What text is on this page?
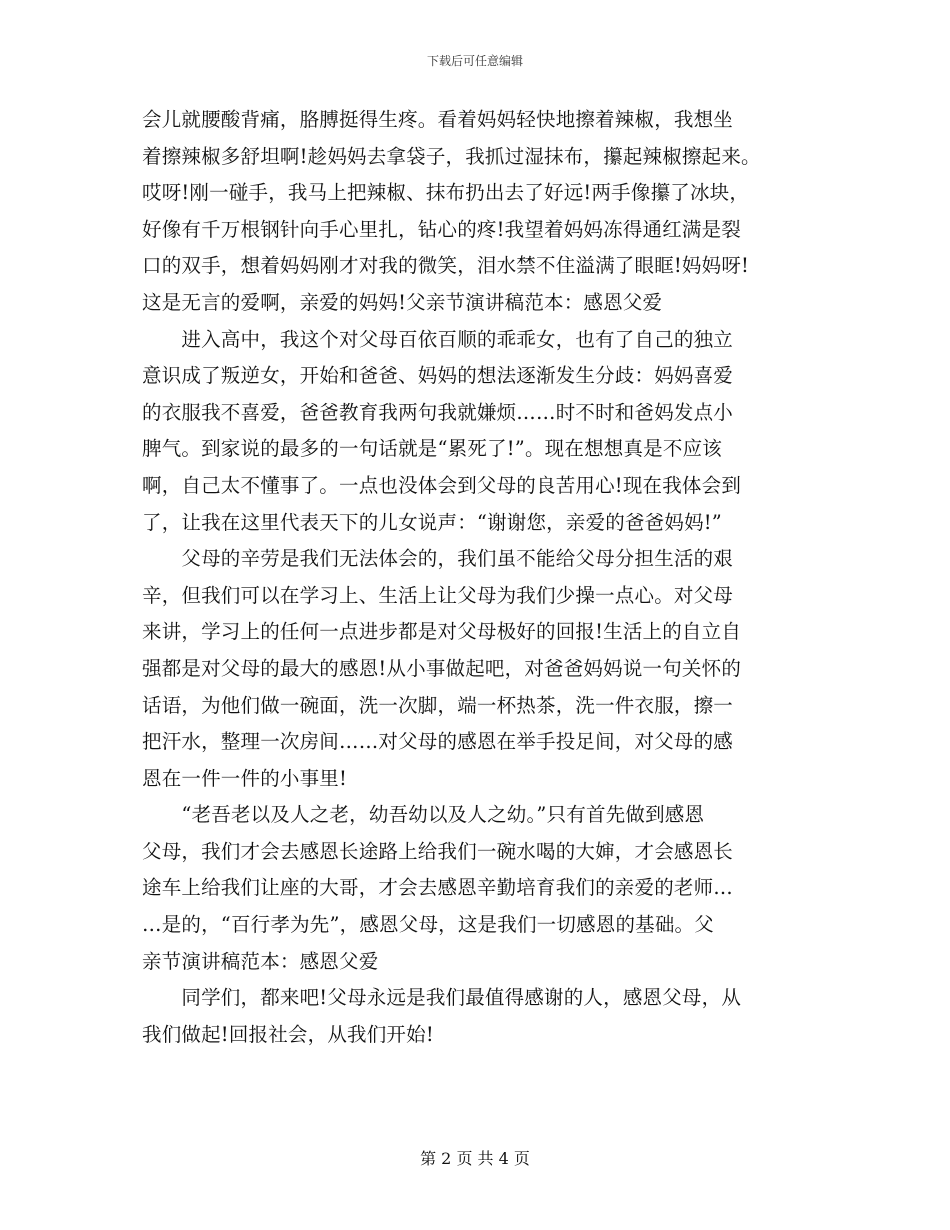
下载后可任意编辑
会儿就腰酸背痛，胳膊挺得生疼。看着妈妈轻快地擦着辣椒，我想坐
着擦辣椒多舒坦啊!趁妈妈去拿袋子，我抓过湿抹布，攥起辣椒擦起来。
哎呀!刚一碰手，我马上把辣椒、抹布扔出去了好远!两手像攥了冰块，
好像有千万根钢针向手心里扎，钻心的疼!我望着妈妈冻得通红满是裂
口的双手，想着妈妈刚才对我的微笑，泪水禁不住溢满了眼眶!妈妈呀!
这是无言的爱啊，亲爱的妈妈!父亲节演讲稿范本：感恩父爱
　　进入高中，我这个对父母百依百顺的乖乖女，也有了自己的独立
意识成了叛逆女，开始和爸爸、妈妈的想法逐渐发生分歧：妈妈喜爱
的衣服我不喜爱，爸爸教育我两句我就嫌烦……时不时和爸妈发点小
脾气。到家说的最多的一句话就是“累死了!”。现在想想真是不应该
啊，自己太不懂事了。一点也没体会到父母的良苦用心!现在我体会到
了，让我在这里代表天下的儿女说声：“谢谢您，亲爱的爸爸妈妈!”
　　父母的辛劳是我们无法体会的，我们虽不能给父母分担生活的艰
辛，但我们可以在学习上、生活上让父母为我们少操一点心。对父母
来讲，学习上的任何一点进步都是对父母极好的回报!生活上的自立自
强都是对父母的最大的感恩!从小事做起吧，对爸爸妈妈说一句关怀的
话语，为他们做一碗面，洗一次脚，端一杯热茶，洗一件衣服，擦一
把汗水，整理一次房间……对父母的感恩在举手投足间，对父母的感
恩在一件一件的小事里!
　　“老吾老以及人之老，幼吾幼以及人之幼。”只有首先做到感恩
父母，我们才会去感恩长途路上给我们一碗水喝的大婶，才会感恩长
途车上给我们让座的大哥，才会去感恩辛勤培育我们的亲爱的老师…
…是的，“百行孝为先”，感恩父母，这是我们一切感恩的基础。父
亲节演讲稿范本：感恩父爱
　　同学们，都来吧!父母永远是我们最值得感谢的人，感恩父母，从
我们做起!回报社会，从我们开始!
第 2 页 共 4 页
